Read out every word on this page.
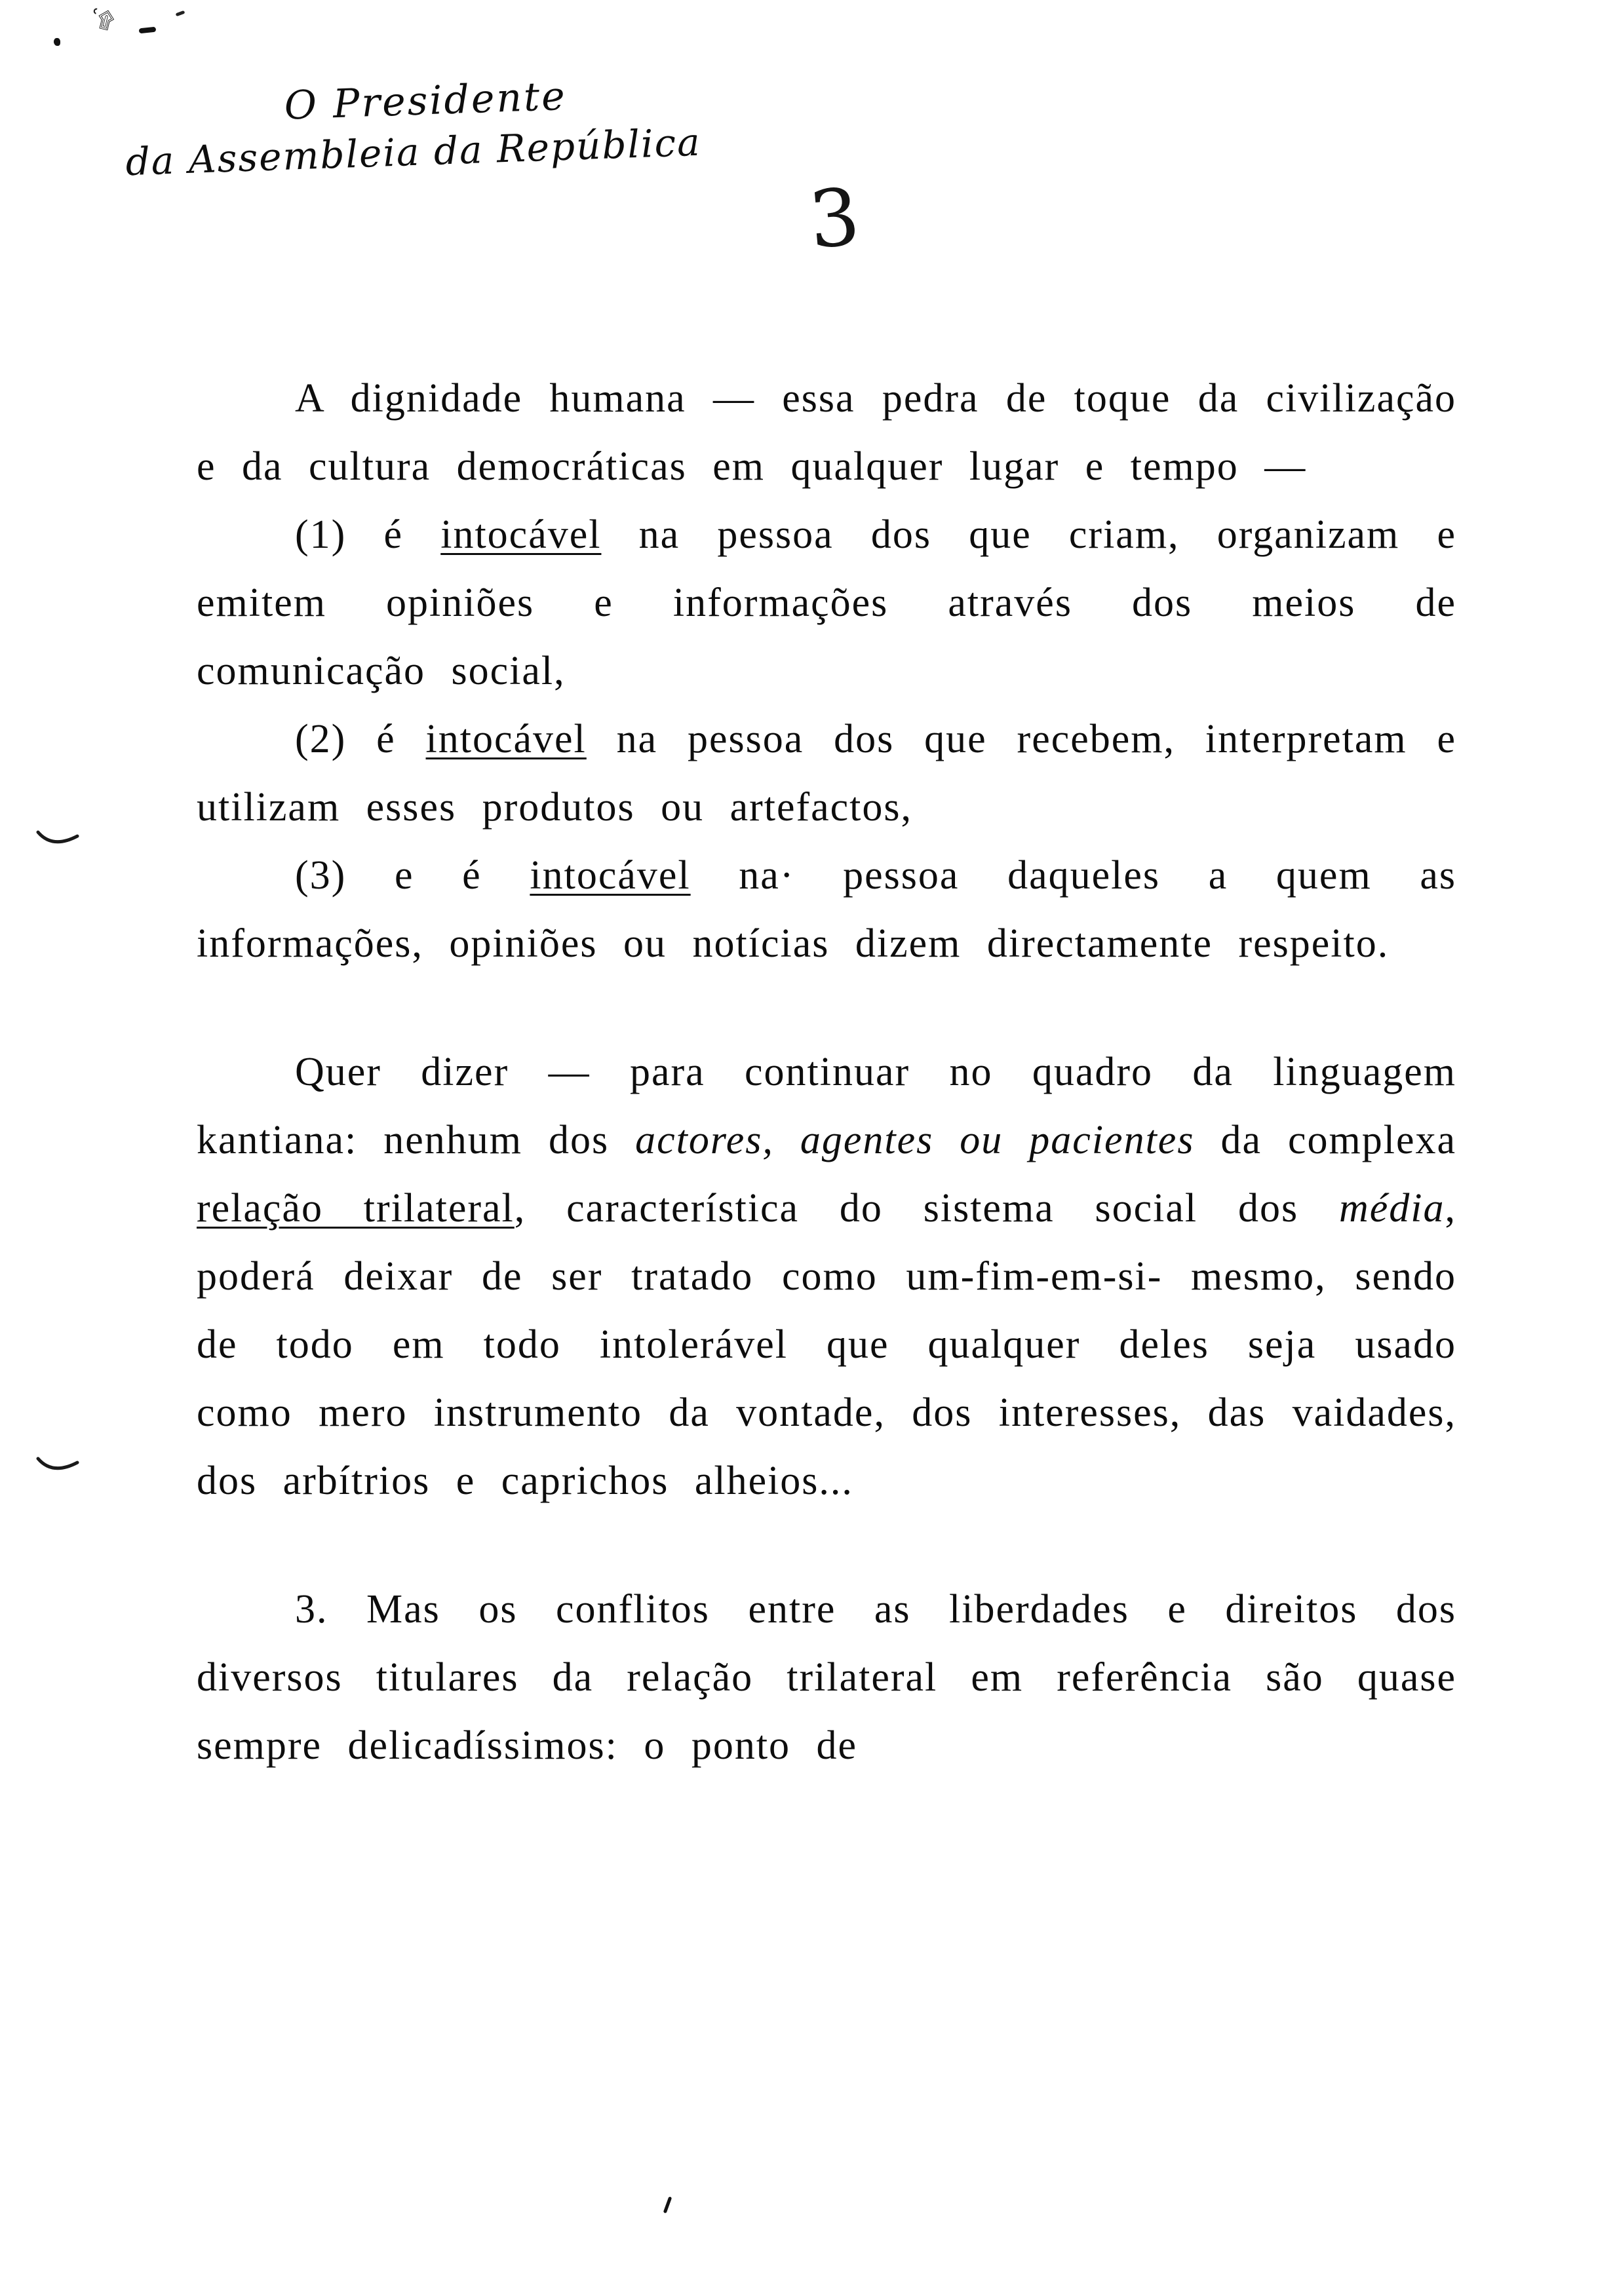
ʿ۩
O Presidente
da Assembleia da República
3

A dignidade humana — essa pedra de toque da civilização e da cultura democráticas em qualquer lugar e tempo —

(1) é intocável na pessoa dos que criam, organizam e emitem opiniões e informações através dos meios de comunicação social,

(2) é intocável na pessoa dos que recebem, interpretam e utilizam esses produtos ou artefactos,

(3) e é intocável na· pessoa daqueles a quem as informações, opiniões ou notícias dizem directamente respeito.

Quer dizer — para continuar no quadro da linguagem kantiana: nenhum dos actores, agentes ou pacientes da complexa relação trilateral, característica do sistema social dos média, poderá deixar de ser tratado como um-fim-em-si- mesmo, sendo de todo em todo intolerável que qualquer deles seja usado como mero instrumento da vontade, dos interesses, das vaidades, dos arbítrios e caprichos alheios...

3. Mas os conflitos entre as liberdades e direitos dos diversos titulares da relação trilateral em referência são quase sempre delicadíssimos: o ponto de
